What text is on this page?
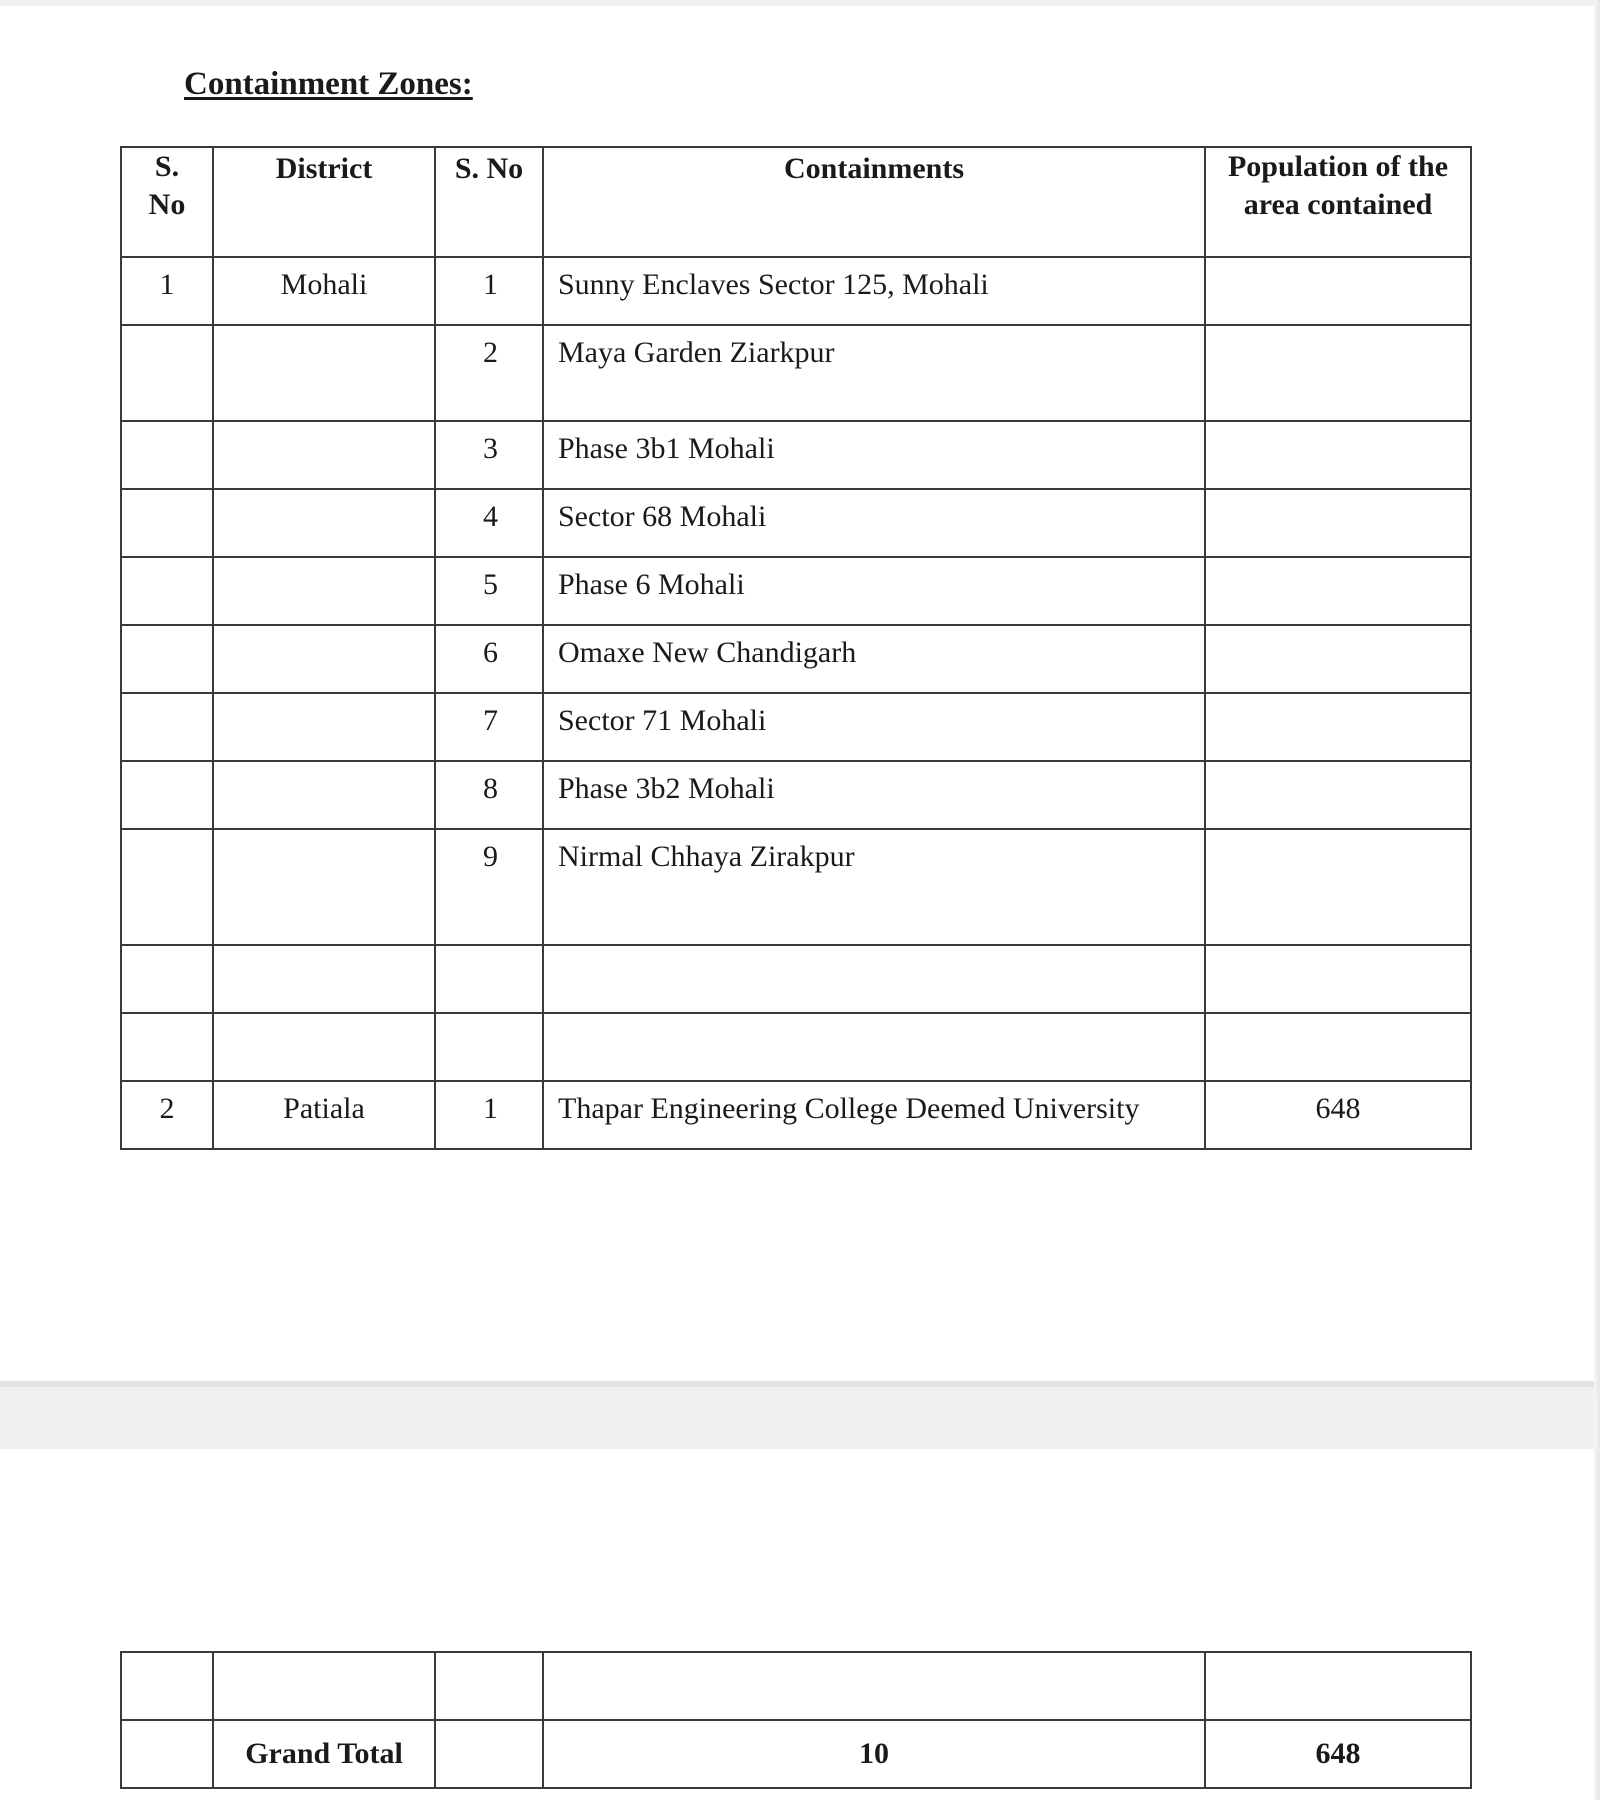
Containment Zones:

S. No	District	S. No	Containments	Population of the area contained
1	Mohali	1	Sunny Enclaves Sector 125, Mohali	
		2	Maya Garden Ziarkpur	
		3	Phase 3b1 Mohali	
		4	Sector 68 Mohali	
		5	Phase 6 Mohali	
		6	Omaxe New Chandigarh	
		7	Sector 71 Mohali	
		8	Phase 3b2 Mohali	
		9	Nirmal Chhaya Zirakpur	

2	Patiala	1	Thapar Engineering College Deemed University	648

	Grand Total		10	648
